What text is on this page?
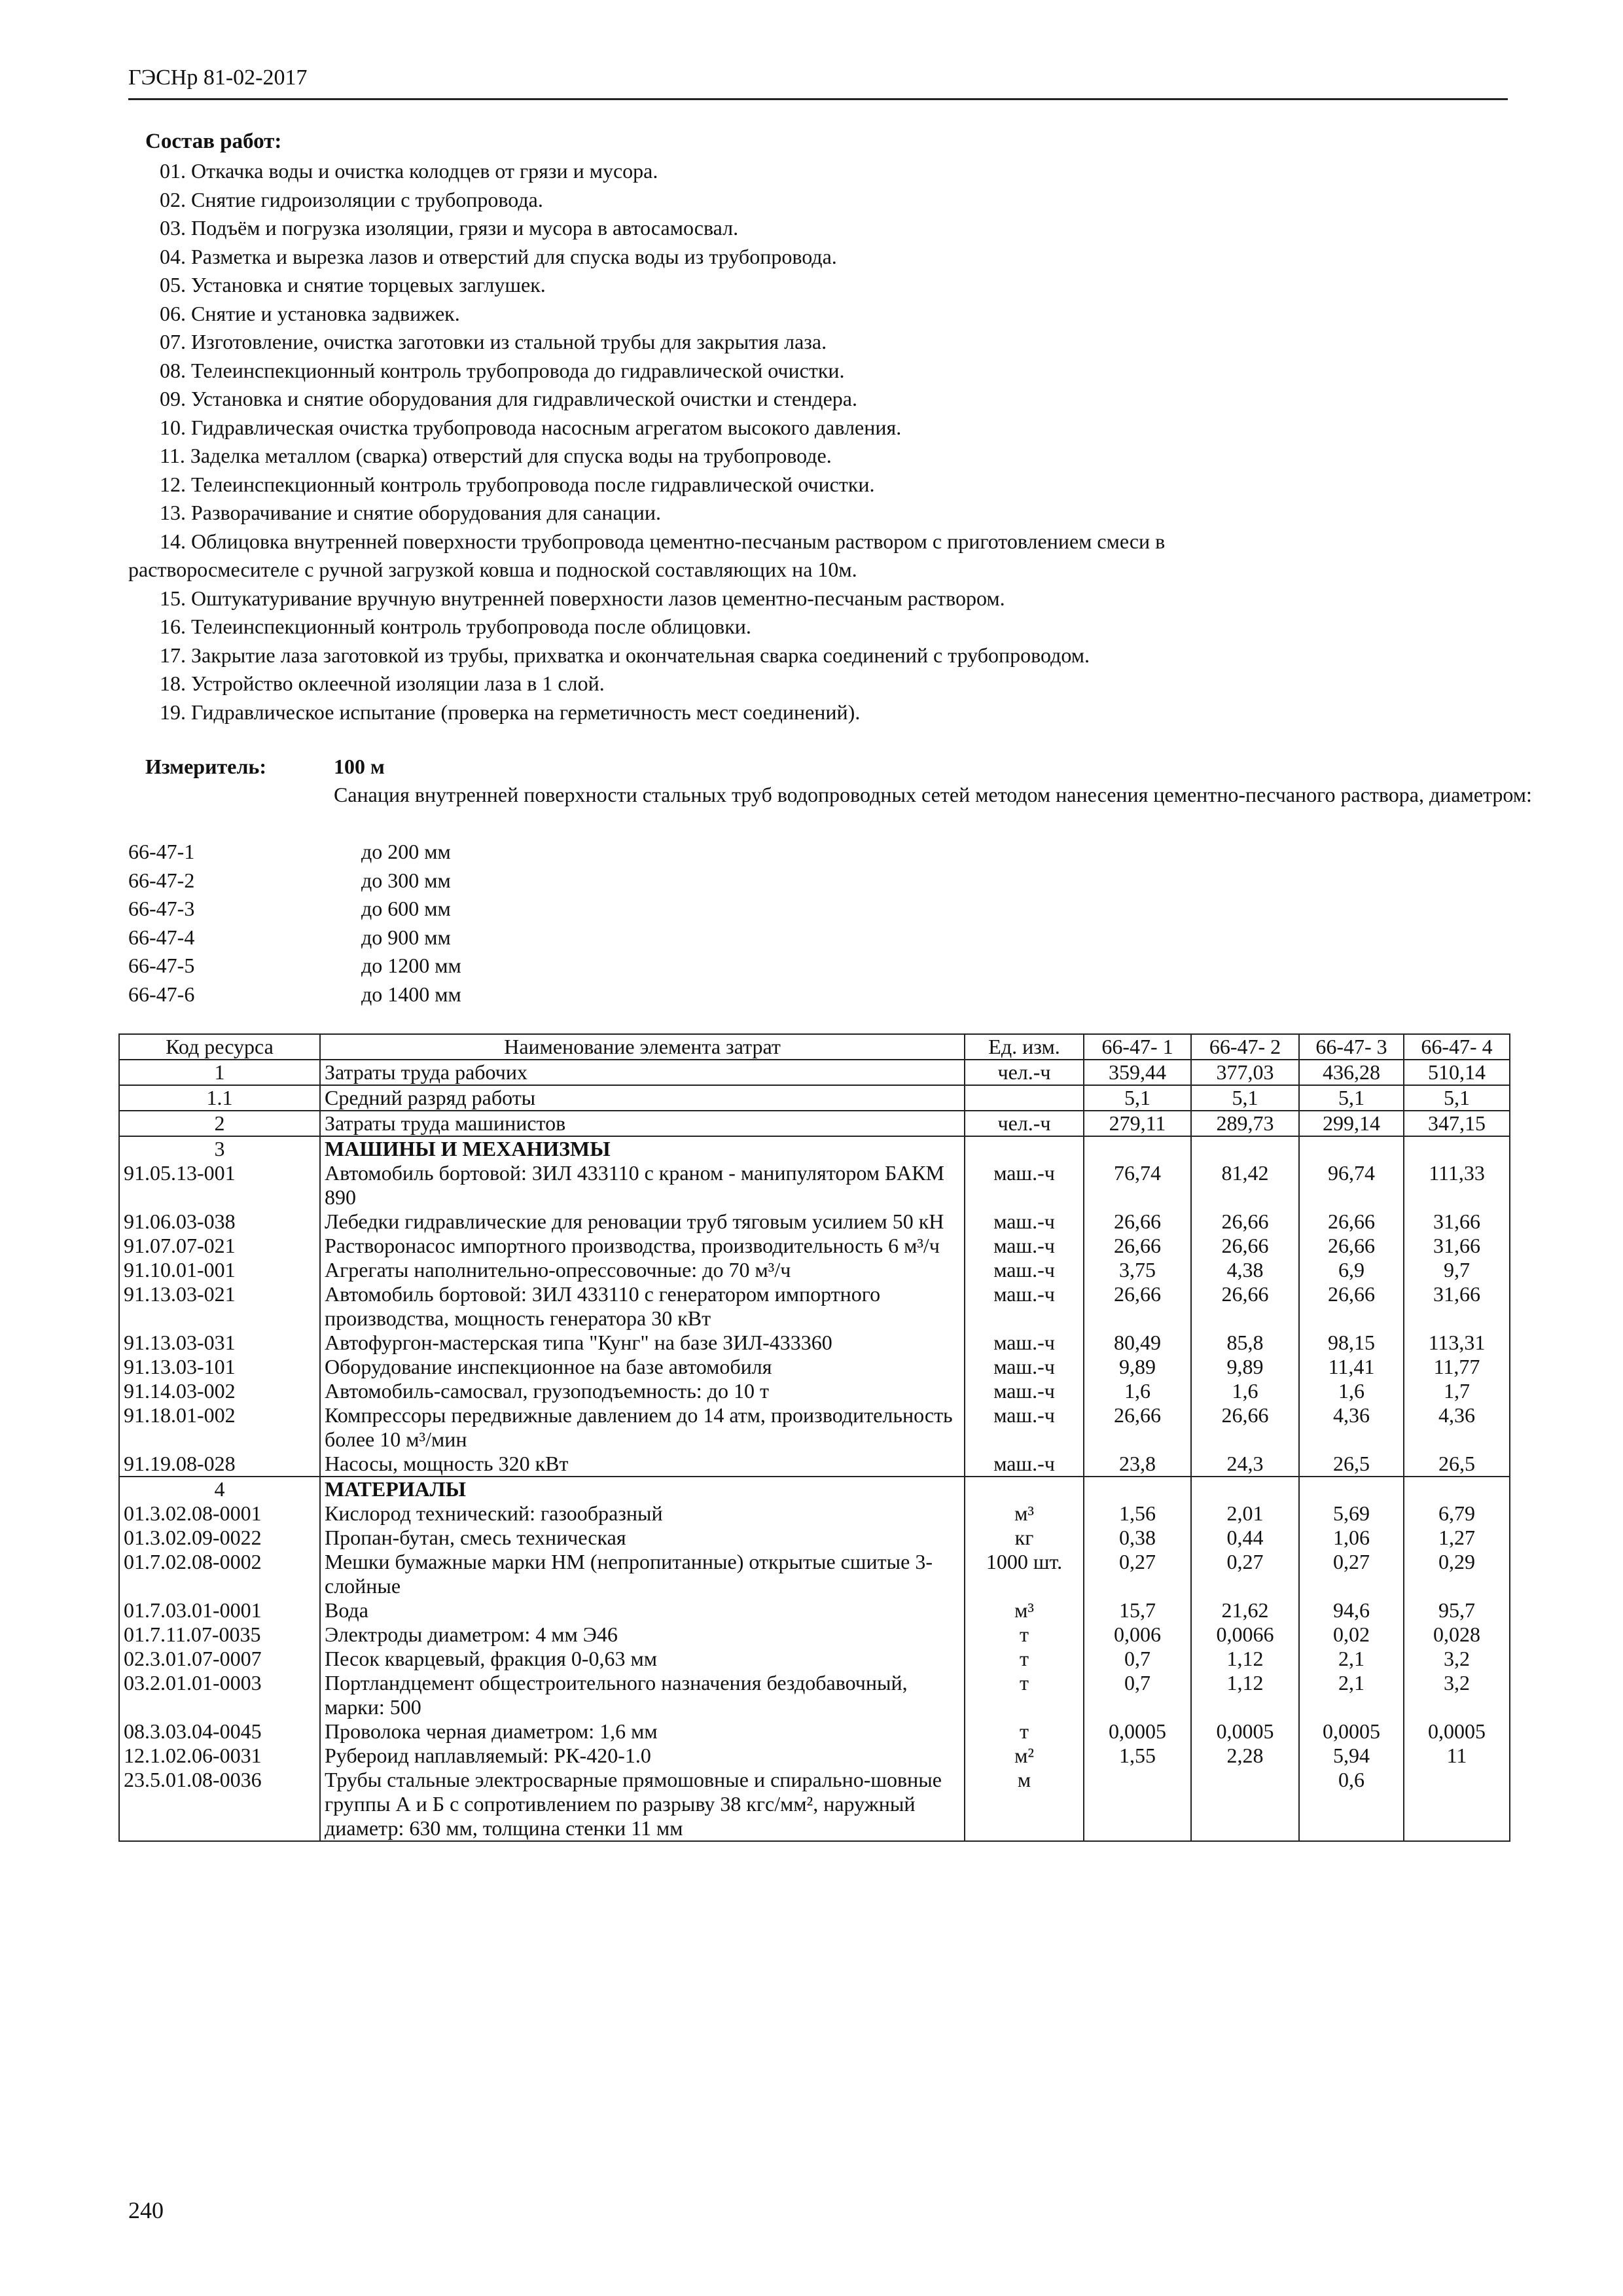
ГЭСНр 81-02-2017
Состав работ:
01. Откачка воды и очистка колодцев от грязи и мусора.
02. Снятие гидроизоляции с трубопровода.
03. Подъём и погрузка изоляции, грязи и мусора в автосамосвал.
04. Разметка и вырезка лазов и отверстий для спуска воды из трубопровода.
05. Установка и снятие торцевых заглушек.
06. Снятие и установка задвижек.
07. Изготовление, очистка заготовки из стальной трубы для закрытия лаза.
08. Телеинспекционный контроль трубопровода до гидравлической очистки.
09. Установка и снятие оборудования для гидравлической очистки и стендера.
10. Гидравлическая очистка трубопровода насосным агрегатом высокого давления.
11. Заделка металлом (сварка) отверстий для спуска воды на трубопроводе.
12. Телеинспекционный контроль трубопровода после гидравлической очистки.
13. Разворачивание и снятие оборудования для санации.
14. Облицовка внутренней поверхности трубопровода цементно-песчаным раствором с приготовлением смеси в
растворосмесителе с ручной загрузкой ковша и подноской составляющих на 10м.
15. Оштукатуривание вручную внутренней поверхности лазов цементно-песчаным раствором.
16. Телеинспекционный контроль трубопровода после облицовки.
17. Закрытие лаза заготовкой из трубы, прихватка и окончательная сварка соединений с трубопроводом.
18. Устройство оклеечной изоляции лаза в 1 слой.
19. Гидравлическое испытание (проверка на герметичность мест соединений).
Измеритель:	100 м
Санация внутренней поверхности стальных труб водопроводных сетей методом нанесения цементно-песчаного раствора, диаметром:
66-47-1	до 200 мм
66-47-2	до 300 мм
66-47-3	до 600 мм
66-47-4	до 900 мм
66-47-5	до 1200 мм
66-47-6	до 1400 мм
Код ресурса	Наименование элемента затрат	Ед. изм.	66-47- 1	66-47- 2	66-47- 3	66-47- 4
1	Затраты труда рабочих	чел.-ч	359,44	377,03	436,28	510,14
1.1	Средний разряд работы		5,1	5,1	5,1	5,1
2	Затраты труда машинистов	чел.-ч	279,11	289,73	299,14	347,15
3	МАШИНЫ И МЕХАНИЗМЫ					
91.05.13-001	Автомобиль бортовой: ЗИЛ 433110 с краном - манипулятором БАКМ 890	маш.-ч	76,74	81,42	96,74	111,33
91.06.03-038	Лебедки гидравлические для реновации труб тяговым усилием 50 кН	маш.-ч	26,66	26,66	26,66	31,66
91.07.07-021	Растворонасос импортного производства, производительность 6 м³/ч	маш.-ч	26,66	26,66	26,66	31,66
91.10.01-001	Агрегаты наполнительно-опрессовочные: до 70 м³/ч	маш.-ч	3,75	4,38	6,9	9,7
91.13.03-021	Автомобиль бортовой: ЗИЛ 433110 с генератором импортного производства, мощность генератора 30 кВт	маш.-ч	26,66	26,66	26,66	31,66
91.13.03-031	Автофургон-мастерская типа "Кунг" на базе ЗИЛ-433360	маш.-ч	80,49	85,8	98,15	113,31
91.13.03-101	Оборудование инспекционное на базе автомобиля	маш.-ч	9,89	9,89	11,41	11,77
91.14.03-002	Автомобиль-самосвал, грузоподъемность: до 10 т	маш.-ч	1,6	1,6	1,6	1,7
91.18.01-002	Компрессоры передвижные давлением до 14 атм, производительность более 10 м³/мин	маш.-ч	26,66	26,66	4,36	4,36
91.19.08-028	Насосы, мощность 320 кВт	маш.-ч	23,8	24,3	26,5	26,5
4	МАТЕРИАЛЫ					
01.3.02.08-0001	Кислород технический: газообразный	м³	1,56	2,01	5,69	6,79
01.3.02.09-0022	Пропан-бутан, смесь техническая	кг	0,38	0,44	1,06	1,27
01.7.02.08-0002	Мешки бумажные марки НМ (непропитанные) открытые сшитые 3-слойные	1000 шт.	0,27	0,27	0,27	0,29
01.7.03.01-0001	Вода	м³	15,7	21,62	94,6	95,7
01.7.11.07-0035	Электроды диаметром: 4 мм Э46	т	0,006	0,0066	0,02	0,028
02.3.01.07-0007	Песок кварцевый, фракция 0-0,63 мм	т	0,7	1,12	2,1	3,2
03.2.01.01-0003	Портландцемент общестроительного назначения бездобавочный, марки: 500	т	0,7	1,12	2,1	3,2
08.3.03.04-0045	Проволока черная диаметром: 1,6 мм	т	0,0005	0,0005	0,0005	0,0005
12.1.02.06-0031	Рубероид наплавляемый: РК-420-1.0	м²	1,55	2,28	5,94	11
23.5.01.08-0036	Трубы стальные электросварные прямошовные и спирально-шовные группы А и Б с сопротивлением по разрыву 38 кгс/мм², наружный диаметр: 630 мм, толщина стенки 11 мм	м			0,6	
240
